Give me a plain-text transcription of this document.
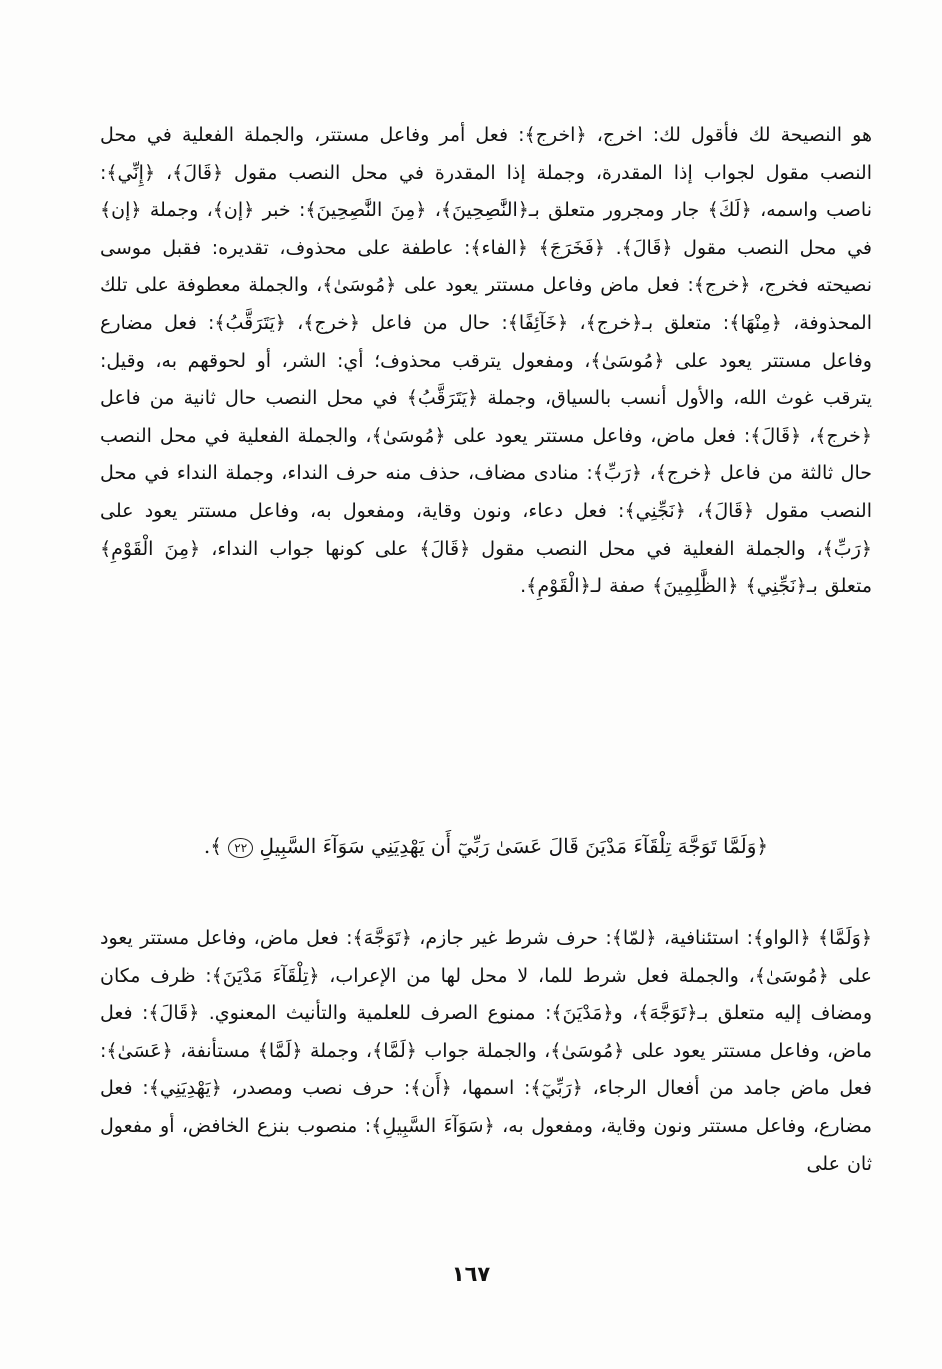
هو النصيحة لك فأقول لك: اخرج، ﴿اخرج﴾: فعل أمر وفاعل مستتر، والجملة الفعلية في محل النصب مقول لجواب إذا المقدرة، وجملة إذا المقدرة في محل النصب مقول ﴿قَالَ﴾، ﴿إِنِّي﴾: ناصب واسمه، ﴿لَكَ﴾ جار ومجرور متعلق بـ﴿النَّٰصِحِينَ﴾، ﴿مِنَ النَّٰصِحِينَ﴾: خبر ﴿إن﴾، وجملة ﴿إن﴾ في محل النصب مقول ﴿قَالَ﴾. ﴿فَخَرَجَ﴾ ﴿الفاء﴾: عاطفة على محذوف، تقديره: فقبل موسى نصيحته فخرج، ﴿خرج﴾: فعل ماض وفاعل مستتر يعود على ﴿مُوسَىٰ﴾، والجملة معطوفة على تلك المحذوفة، ﴿مِنْهَا﴾: متعلق بـ﴿خرج﴾، ﴿خَآئِفًا﴾: حال من فاعل ﴿خرج﴾، ﴿يَتَرَقَّبُ﴾: فعل مضارع وفاعل مستتر يعود على ﴿مُوسَىٰ﴾، ومفعول يترقب محذوف؛ أي: الشر، أو لحوقهم به، وقيل: يترقب غوث الله، والأول أنسب بالسياق، وجملة ﴿يَتَرَقَّبُ﴾ في محل النصب حال ثانية من فاعل ﴿خرج﴾، ﴿قَالَ﴾: فعل ماض، وفاعل مستتر يعود على ﴿مُوسَىٰ﴾، والجملة الفعلية في محل النصب حال ثالثة من فاعل ﴿خرج﴾، ﴿رَبِّ﴾: منادى مضاف، حذف منه حرف النداء، وجملة النداء في محل النصب مقول ﴿قَالَ﴾، ﴿نَجِّنِي﴾: فعل دعاء، ونون وقاية، ومفعول به، وفاعل مستتر يعود على ﴿رَبِّ﴾، والجملة الفعلية في محل النصب مقول ﴿قَالَ﴾ على كونها جواب النداء، ﴿مِنَ الْقَوْمِ﴾ متعلق بـ﴿نَجِّنِي﴾ ﴿الظَّٰلِمِينَ﴾ صفة لـ﴿الْقَوْمِ﴾.

﴿وَلَمَّا تَوَجَّهَ تِلْقَآءَ مَدْيَنَ قَالَ عَسَىٰ رَبِّيٓ أَن يَهْدِيَنِي سَوَآءَ السَّبِيلِ ٢٢ ﴾.

﴿وَلَمَّا﴾ ﴿الواو﴾: استئنافية، ﴿لمّا﴾: حرف شرط غير جازم، ﴿تَوَجَّهَ﴾: فعل ماض، وفاعل مستتر يعود على ﴿مُوسَىٰ﴾، والجملة فعل شرط للما، لا محل لها من الإعراب، ﴿تِلْقَآءَ مَدْيَنَ﴾: ظرف مكان ومضاف إليه متعلق بـ﴿تَوَجَّهَ﴾، و﴿مَدْيَنَ﴾: ممنوع الصرف للعلمية والتأنيث المعنوي. ﴿قَالَ﴾: فعل ماض، وفاعل مستتر يعود على ﴿مُوسَىٰ﴾، والجملة جواب ﴿لَمَّا﴾، وجملة ﴿لَمَّا﴾ مستأنفة، ﴿عَسَىٰ﴾: فعل ماض جامد من أفعال الرجاء، ﴿رَبِّيٓ﴾: اسمها، ﴿أَن﴾: حرف نصب ومصدر، ﴿يَهْدِيَنِي﴾: فعل مضارع، وفاعل مستتر ونون وقاية، ومفعول به، ﴿سَوَآءَ السَّبِيلِ﴾: منصوب بنزع الخافض، أو مفعول ثان على

١٦٧
